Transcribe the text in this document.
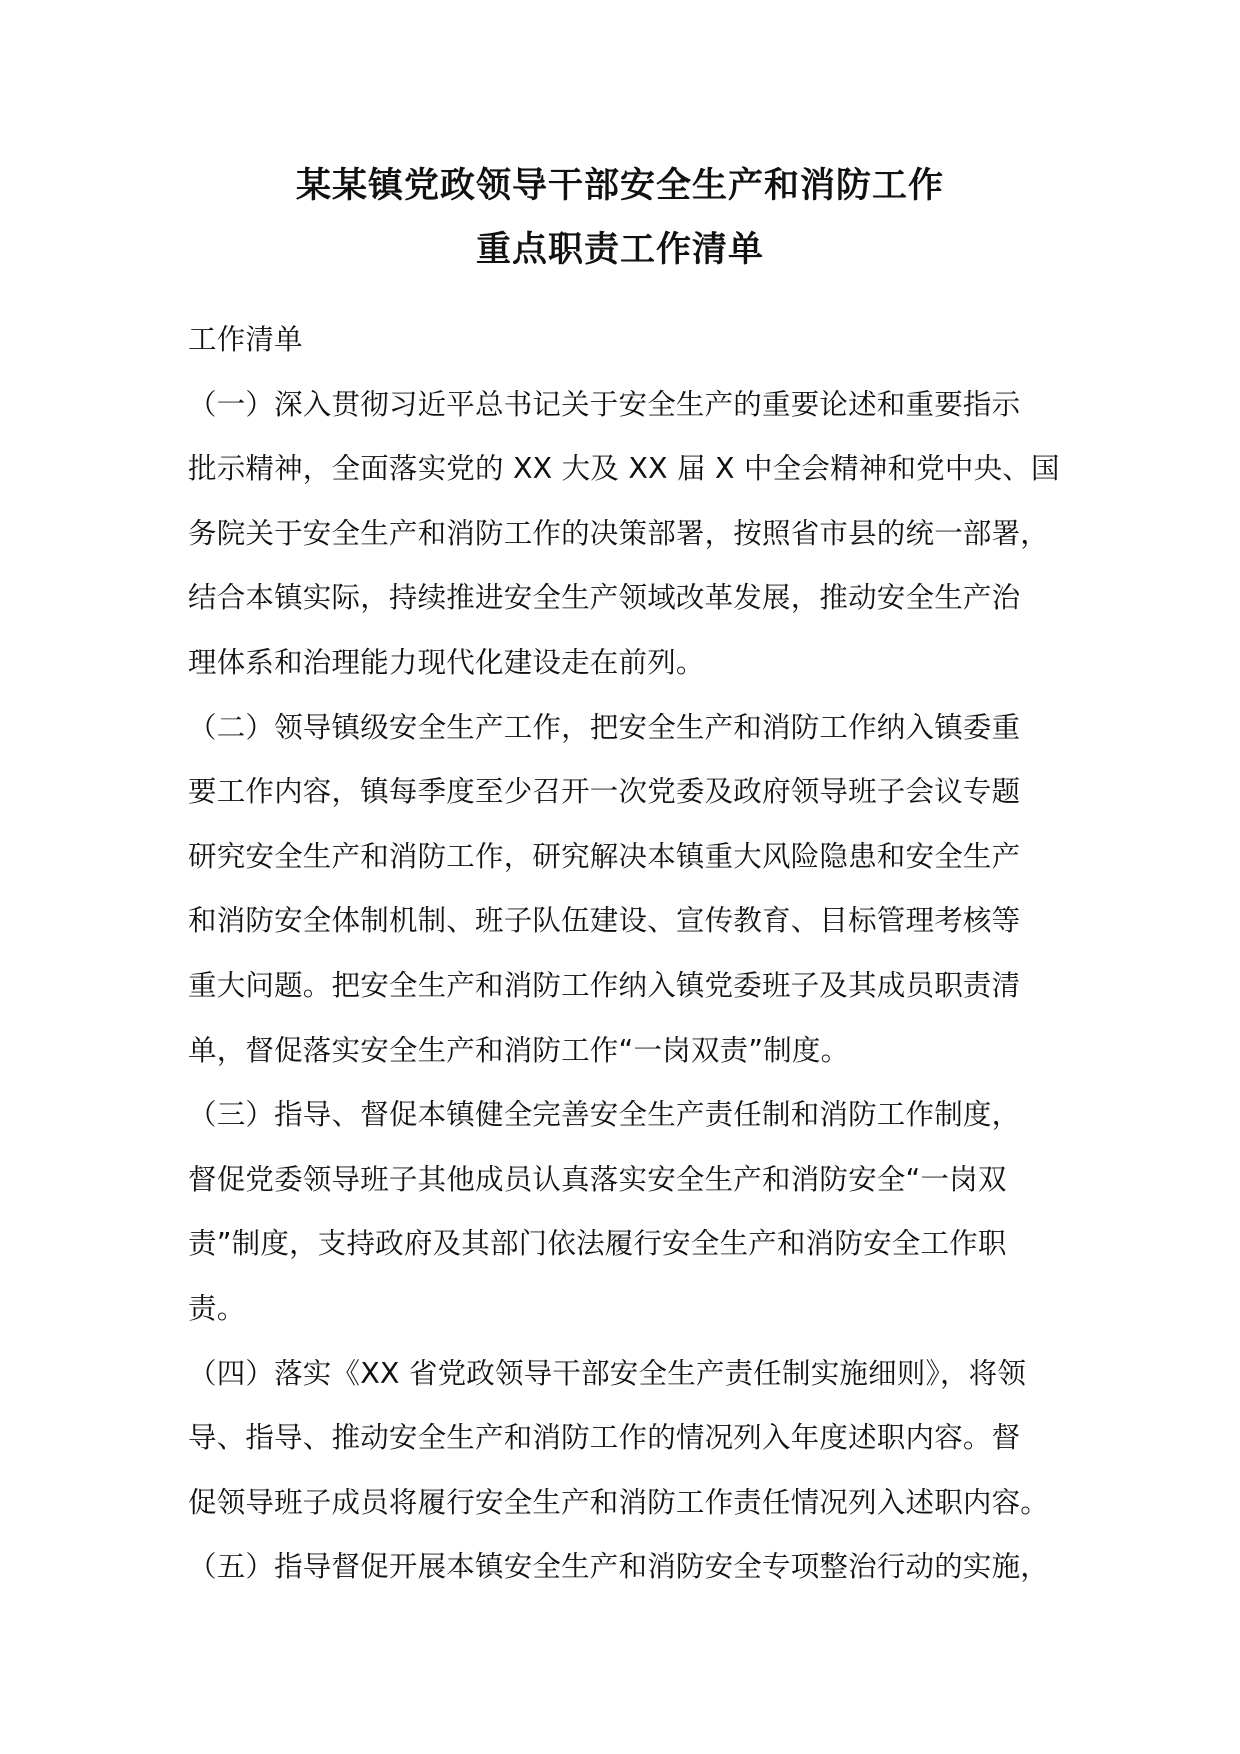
某某镇党政领导干部安全生产和消防工作
重点职责工作清单
工作清单
（一）深入贯彻习近平总书记关于安全生产的重要论述和重要指示
批示精神，全面落实党的 XX 大及 XX 届 X 中全会精神和党中央、国
务院关于安全生产和消防工作的决策部署，按照省市县的统一部署，
结合本镇实际，持续推进安全生产领域改革发展，推动安全生产治
理体系和治理能力现代化建设走在前列。
（二）领导镇级安全生产工作，把安全生产和消防工作纳入镇委重
要工作内容，镇每季度至少召开一次党委及政府领导班子会议专题
研究安全生产和消防工作，研究解决本镇重大风险隐患和安全生产
和消防安全体制机制、班子队伍建设、宣传教育、目标管理考核等
重大问题。把安全生产和消防工作纳入镇党委班子及其成员职责清
单，督促落实安全生产和消防工作“一岗双责”制度。
（三）指导、督促本镇健全完善安全生产责任制和消防工作制度，
督促党委领导班子其他成员认真落实安全生产和消防安全“一岗双
责”制度，支持政府及其部门依法履行安全生产和消防安全工作职
责。
（四）落实《XX 省党政领导干部安全生产责任制实施细则》，将领
导、指导、推动安全生产和消防工作的情况列入年度述职内容。督
促领导班子成员将履行安全生产和消防工作责任情况列入述职内容。
（五）指导督促开展本镇安全生产和消防安全专项整治行动的实施，
